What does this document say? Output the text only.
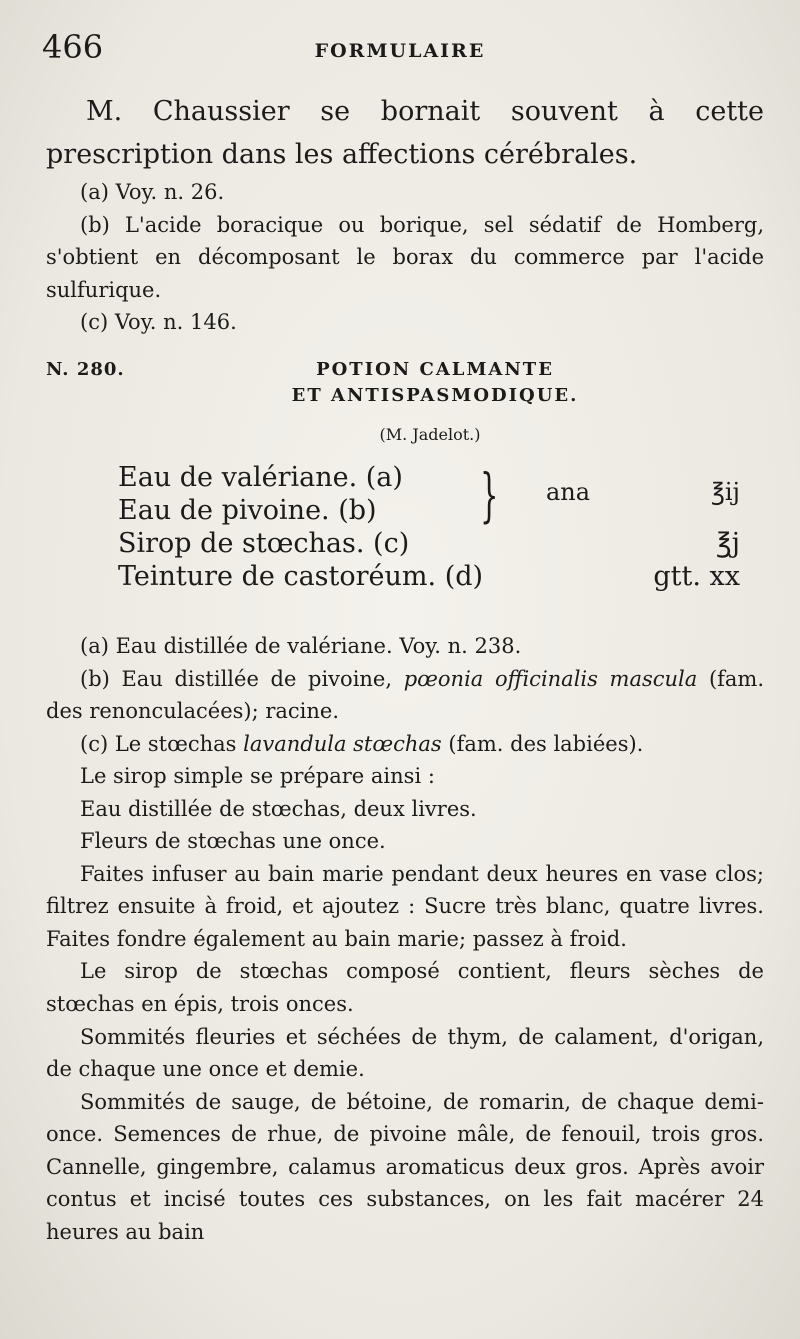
466	FORMULAIRE
M. Chaussier se bornait souvent à cette prescription dans les affections cérébrales.

(a) Voy. n. 26.

(b) L'acide boracique ou borique, sel sédatif de Homberg, s'obtient en décomposant le borax du commerce par l'acide sulfurique.

(c) Voy. n. 146.

N. 280.	POTION CALMANTE
ET ANTISPASMODIQUE.
(M. Jadelot.)
Eau de valériane. (a)
Eau de pivoine. (b) } ana	℥ij
Sirop de stœchas. (c)	℥j
Teinture de castoréum. (d)	gtt. xx

(a) Eau distillée de valériane. Voy. n. 238.

(b) Eau distillée de pivoine, pœonia officinalis mascula (fam. des renonculacées); racine.

(c) Le stœchas lavandula stœchas (fam. des labiées).

Le sirop simple se prépare ainsi :

Eau distillée de stœchas, deux livres.

Fleurs de stœchas une once.

Faites infuser au bain marie pendant deux heures en vase clos; filtrez ensuite à froid, et ajoutez : Sucre très blanc, quatre livres. Faites fondre également au bain marie; passez à froid.

Le sirop de stœchas composé contient, fleurs sèches de stœchas en épis, trois onces.

Sommités fleuries et séchées de thym, de calament, d'origan, de chaque une once et demie.

Sommités de sauge, de bétoine, de romarin, de chaque demi-once. Semences de rhue, de pivoine mâle, de fenouil, trois gros. Cannelle, gingembre, calamus aromaticus deux gros. Après avoir contus et incisé toutes ces substances, on les fait macérer 24 heures au bain
